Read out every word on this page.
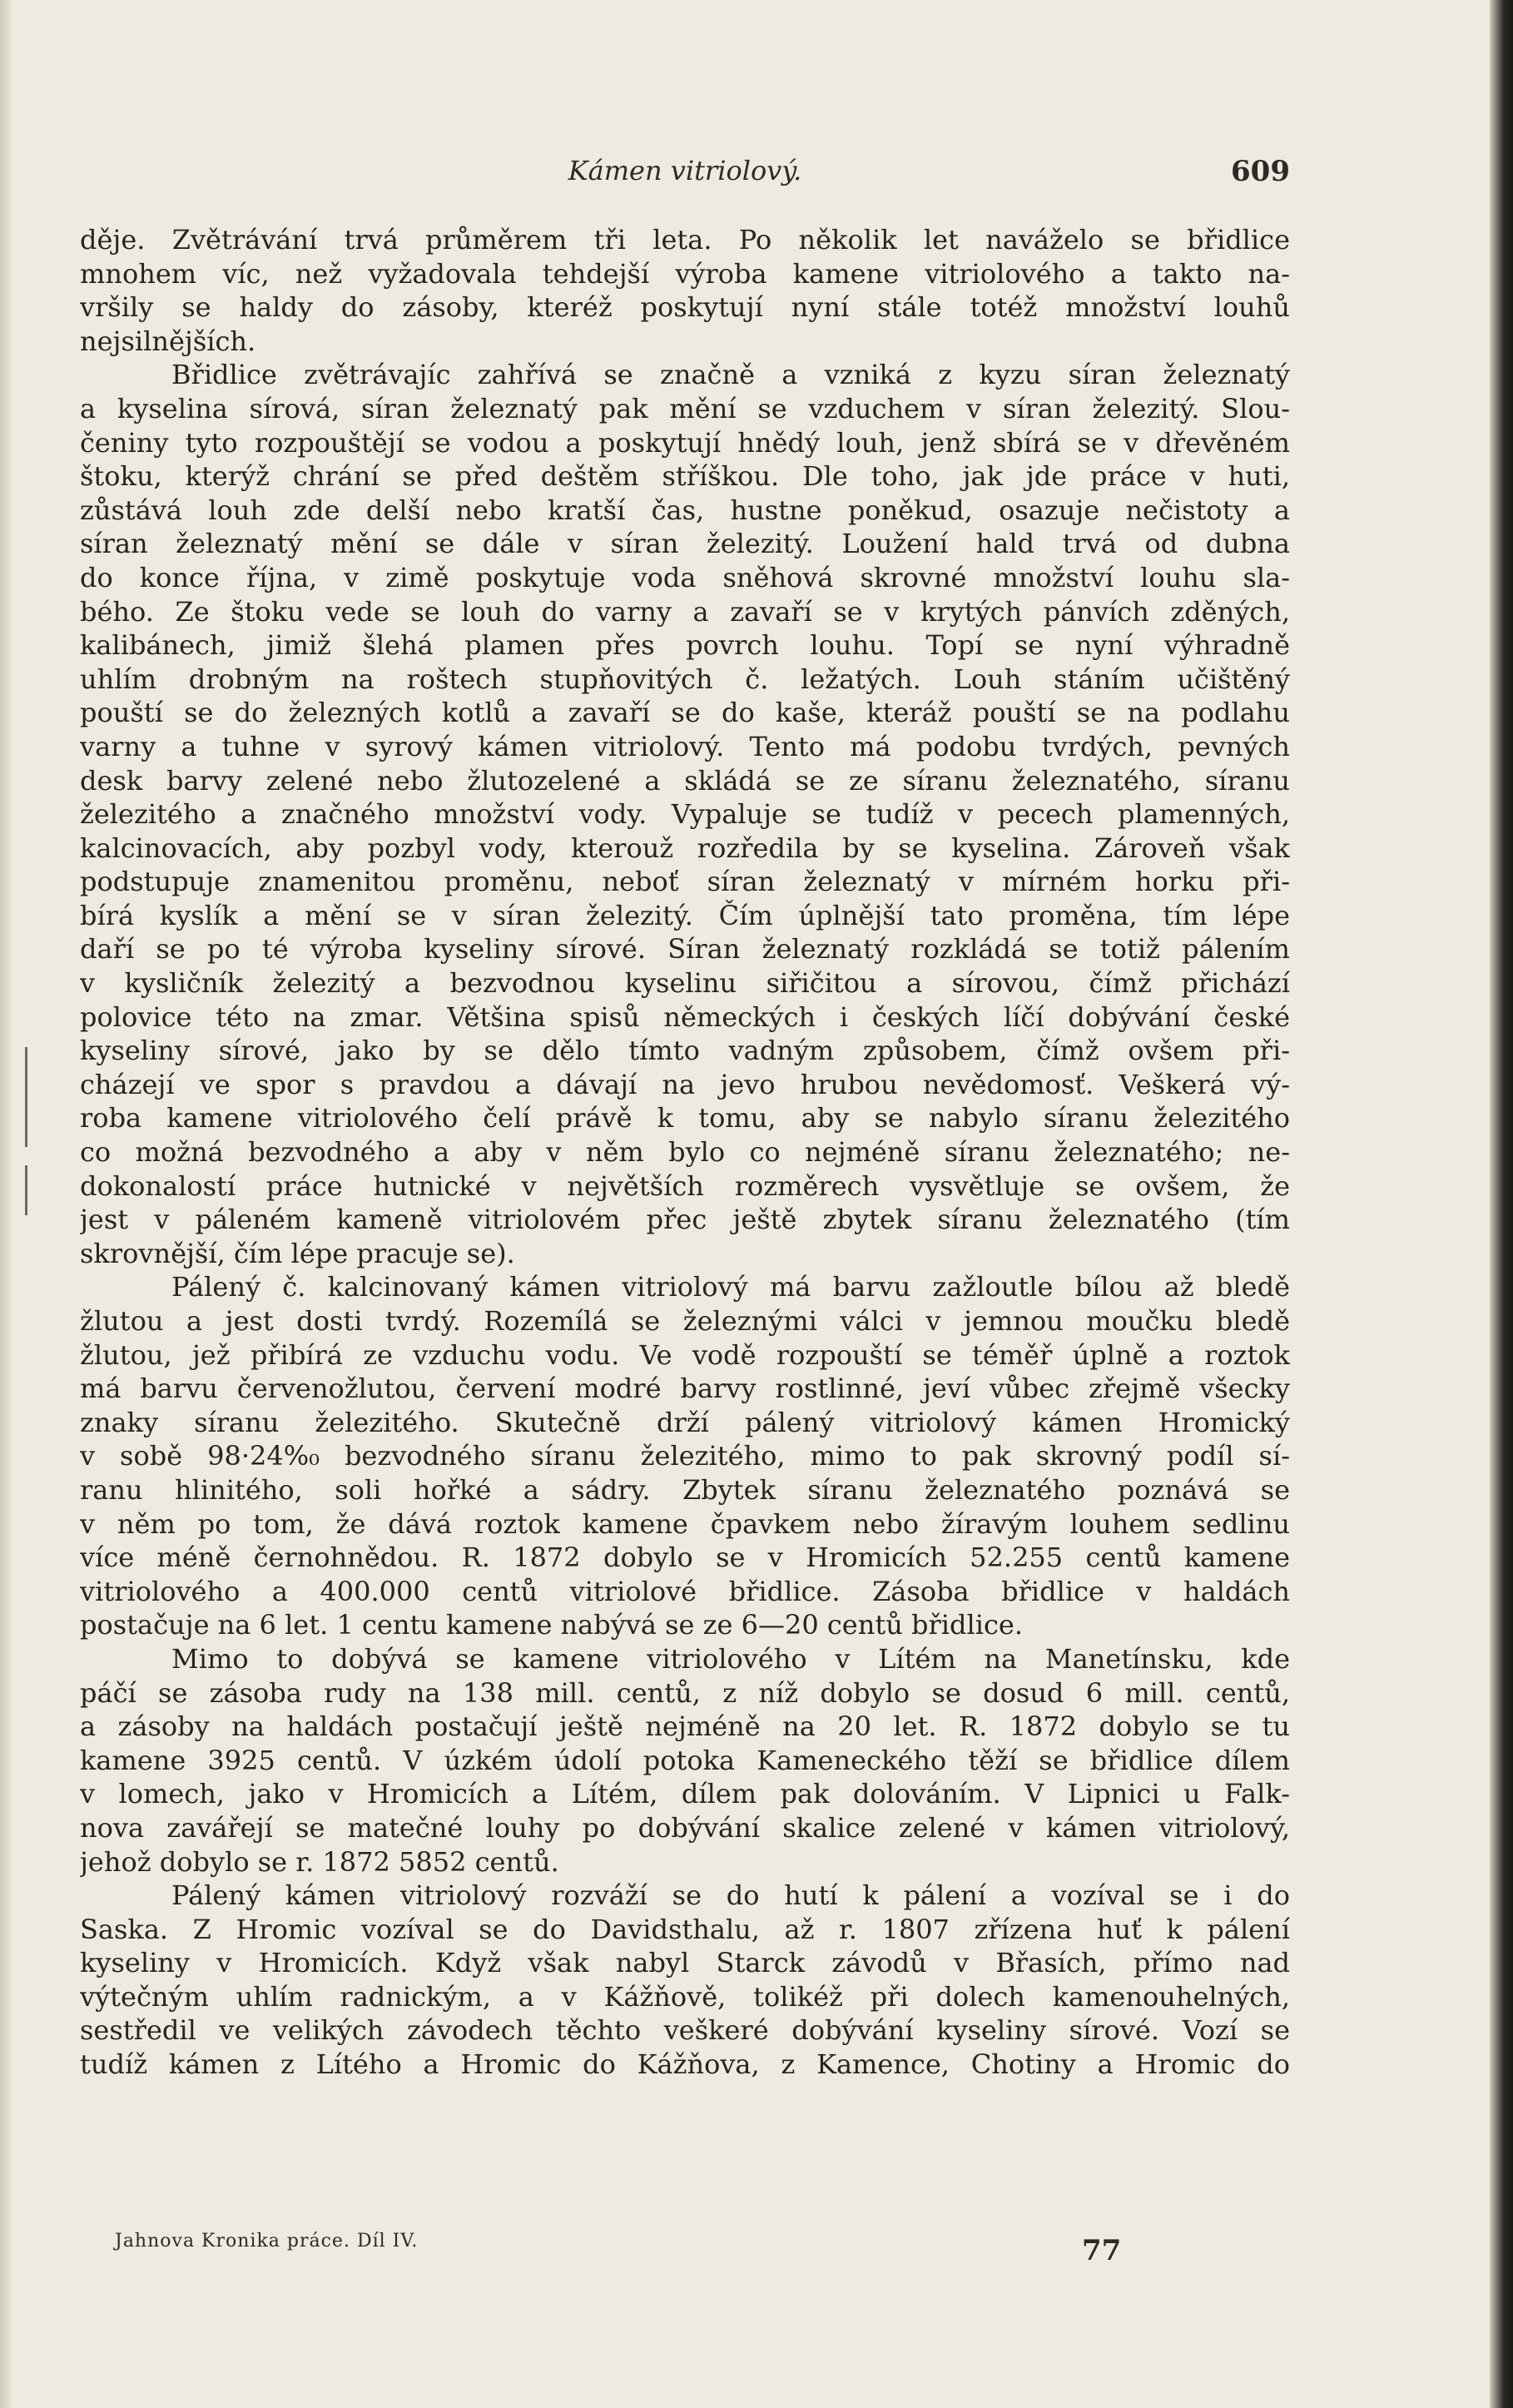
Kámen vitriolový.	609
děje. Zvětrávání trvá průměrem tři leta. Po několik let naváželo se břidlice
mnohem víc, než vyžadovala tehdejší výroba kamene vitriolového a takto na-
vršily se haldy do zásoby, kteréž poskytují nyní stále totéž množství louhů
nejsilnějších.
Břidlice zvětrávajíc zahřívá se značně a vzniká z kyzu síran železnatý
a kyselina sírová, síran železnatý pak mění se vzduchem v síran železitý. Slou-
čeniny tyto rozpouštějí se vodou a poskytují hnědý louh, jenž sbírá se v dřevěném
štoku, kterýž chrání se před deštěm stříškou. Dle toho, jak jde práce v huti,
zůstává louh zde delší nebo kratší čas, hustne poněkud, osazuje nečistoty a
síran železnatý mění se dále v síran železitý. Loužení hald trvá od dubna
do konce října, v zimě poskytuje voda sněhová skrovné množství louhu sla-
bého. Ze štoku vede se louh do varny a zavaří se v krytých pánvích zděných,
kalibánech, jimiž šlehá plamen přes povrch louhu. Topí se nyní výhradně
uhlím drobným na roštech stupňovitých č. ležatých. Louh stáním učištěný
pouští se do železných kotlů a zavaří se do kaše, kteráž pouští se na podlahu
varny a tuhne v syrový kámen vitriolový. Tento má podobu tvrdých, pevných
desk barvy zelené nebo žlutozelené a skládá se ze síranu železnatého, síranu
železitého a značného množství vody. Vypaluje se tudíž v pecech plamenných,
kalcinovacích, aby pozbyl vody, kterouž rozředila by se kyselina. Zároveň však
podstupuje znamenitou proměnu, neboť síran železnatý v mírném horku při-
bírá kyslík a mění se v síran železitý. Čím úplnější tato proměna, tím lépe
daří se po té výroba kyseliny sírové. Síran železnatý rozkládá se totiž pálením
v kysličník železitý a bezvodnou kyselinu siřičitou a sírovou, čímž přichází
polovice této na zmar. Většina spisů německých i českých líčí dobývání české
kyseliny sírové, jako by se dělo tímto vadným způsobem, čímž ovšem při-
cházejí ve spor s pravdou a dávají na jevo hrubou nevědomosť. Veškerá vý-
roba kamene vitriolového čelí právě k tomu, aby se nabylo síranu železitého
co možná bezvodného a aby v něm bylo co nejméně síranu železnatého; ne-
dokonalostí práce hutnické v největších rozměrech vysvětluje se ovšem, že
jest v páleném kameně vitriolovém přec ještě zbytek síranu železnatého (tím
skrovnější, čím lépe pracuje se).
Pálený č. kalcinovaný kámen vitriolový má barvu zažloutle bílou až bledě
žlutou a jest dosti tvrdý. Rozemílá se železnými válci v jemnou moučku bledě
žlutou, jež přibírá ze vzduchu vodu. Ve vodě rozpouští se téměř úplně a roztok
má barvu červenožlutou, červení modré barvy rostlinné, jeví vůbec zřejmě všecky
znaky síranu železitého. Skutečně drží pálený vitriolový kámen Hromický
v sobě 98·24%₀ bezvodného síranu železitého, mimo to pak skrovný podíl sí-
ranu hlinitého, soli hořké a sádry. Zbytek síranu železnatého poznává se
v něm po tom, že dává roztok kamene čpavkem nebo žíravým louhem sedlinu
více méně černohnědou. R. 1872 dobylo se v Hromicích 52.255 centů kamene
vitriolového a 400.000 centů vitriolové břidlice. Zásoba břidlice v haldách
postačuje na 6 let. 1 centu kamene nabývá se ze 6—20 centů břidlice.
Mimo to dobývá se kamene vitriolového v Lítém na Manetínsku, kde
páčí se zásoba rudy na 138 mill. centů, z níž dobylo se dosud 6 mill. centů,
a zásoby na haldách postačují ještě nejméně na 20 let. R. 1872 dobylo se tu
kamene 3925 centů. V úzkém údolí potoka Kameneckého těží se břidlice dílem
v lomech, jako v Hromicích a Lítém, dílem pak dolováním. V Lipnici u Falk-
nova zavářejí se matečné louhy po dobývání skalice zelené v kámen vitriolový,
jehož dobylo se r. 1872 5852 centů.
Pálený kámen vitriolový rozváží se do hutí k pálení a vozíval se i do
Saska. Z Hromic vozíval se do Davidsthalu, až r. 1807 zřízena huť k pálení
kyseliny v Hromicích. Když však nabyl Starck závodů v Břasích, přímo nad
výtečným uhlím radnickým, a v Kážňově, tolikéž při dolech kamenouhelných,
sestředil ve velikých závodech těchto veškeré dobývání kyseliny sírové. Vozí se
tudíž kámen z Lítého a Hromic do Kážňova, z Kamence, Chotiny a Hromic do
Jahnova Kronika práce. Díl IV.	77
